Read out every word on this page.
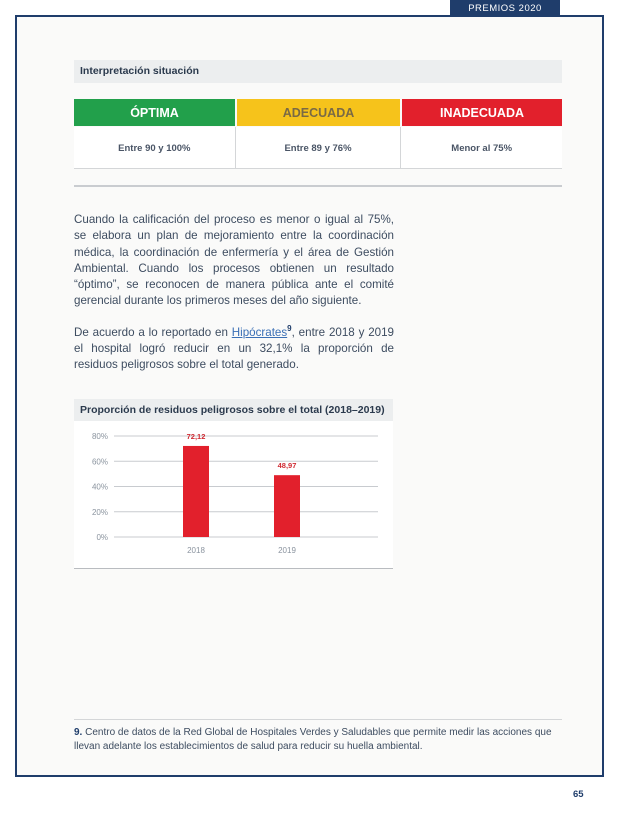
PREMIOS 2020
Interpretación situación
ÓPTIMA	ADECUADA	INADECUADA
Entre 90 y 100%	Entre 89 y 76%	Menor al 75%

Cuando la calificación del proceso es menor o igual al 75%, se elabora un plan de mejoramiento entre la coordinación médica, la coordinación de enfermería y el área de Gestión Ambiental. Cuando los procesos obtienen un resultado “óptimo”, se reconocen de manera pública ante el comité gerencial durante los primeros meses del año siguiente.

De acuerdo a lo reportado en Hipócrates$^9$, entre 2018 y 2019 el hospital logró reducir en un 32,1% la proporción de residuos peligrosos sobre el total generado.

Proporción de residuos peligrosos sobre el total (2018–2019)
0%
20%
40%
60%
80%	72,12
2018
48,97
2019

9. Centro de datos de la Red Global de Hospitales Verdes y Saludables que permite medir las acciones que llevan adelante los establecimientos de salud para reducir su huella ambiental.

65
